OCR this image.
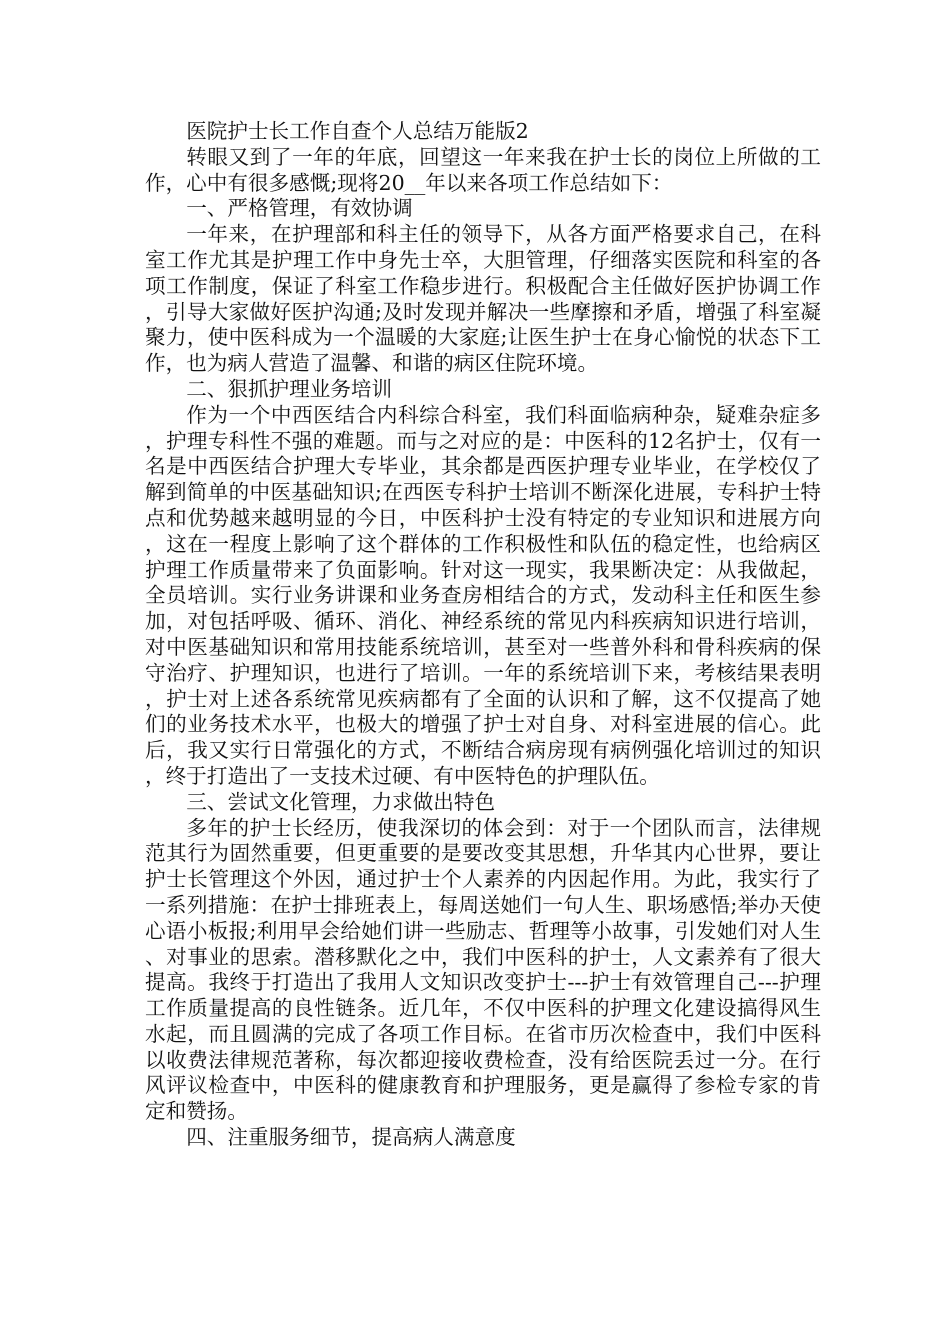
医院护士长工作自查个人总结万能版2

转眼又到了一年的年底，回望这一年来我在护士长的岗位上所做的工作，心中有很多感慨;现将20__年以来各项工作总结如下：

一、严格管理，有效协调

一年来，在护理部和科主任的领导下，从各方面严格要求自己，在科室工作尤其是护理工作中身先士卒，大胆管理，仔细落实医院和科室的各项工作制度，保证了科室工作稳步进行。积极配合主任做好医护协调工作，引导大家做好医护沟通;及时发现并解决一些摩擦和矛盾，增强了科室凝聚力，使中医科成为一个温暖的大家庭;让医生护士在身心愉悦的状态下工作，也为病人营造了温馨、和谐的病区住院环境。

二、狠抓护理业务培训

作为一个中西医结合内科综合科室，我们科面临病种杂，疑难杂症多，护理专科性不强的难题。而与之对应的是：中医科的12名护士，仅有一名是中西医结合护理大专毕业，其余都是西医护理专业毕业，在学校仅了解到简单的中医基础知识;在西医专科护士培训不断深化进展，专科护士特点和优势越来越明显的今日，中医科护士没有特定的专业知识和进展方向，这在一程度上影响了这个群体的工作积极性和队伍的稳定性，也给病区护理工作质量带来了负面影响。针对这一现实，我果断决定：从我做起，全员培训。实行业务讲课和业务查房相结合的方式，发动科主任和医生参加，对包括呼吸、循环、消化、神经系统的常见内科疾病知识进行培训，对中医基础知识和常用技能系统培训，甚至对一些普外科和骨科疾病的保守治疗、护理知识，也进行了培训。一年的系统培训下来，考核结果表明，护士对上述各系统常见疾病都有了全面的认识和了解，这不仅提高了她们的业务技术水平，也极大的增强了护士对自身、对科室进展的信心。此后，我又实行日常强化的方式，不断结合病房现有病例强化培训过的知识，终于打造出了一支技术过硬、有中医特色的护理队伍。

三、尝试文化管理，力求做出特色

多年的护士长经历，使我深切的体会到：对于一个团队而言，法律规范其行为固然重要，但更重要的是要改变其思想，升华其内心世界，要让护士长管理这个外因，通过护士个人素养的内因起作用。为此，我实行了一系列措施：在护士排班表上，每周送她们一句人生、职场感悟;举办天使心语小板报;利用早会给她们讲一些励志、哲理等小故事，引发她们对人生、对事业的思索。潜移默化之中，我们中医科的护士，人文素养有了很大提高。我终于打造出了我用人文知识改变护士---护士有效管理自己---护理工作质量提高的良性链条。近几年，不仅中医科的护理文化建设搞得风生水起，而且圆满的完成了各项工作目标。在省市历次检查中，我们中医科以收费法律规范著称，每次都迎接收费检查，没有给医院丢过一分。在行风评议检查中，中医科的健康教育和护理服务，更是赢得了参检专家的肯定和赞扬。

四、注重服务细节，提高病人满意度
